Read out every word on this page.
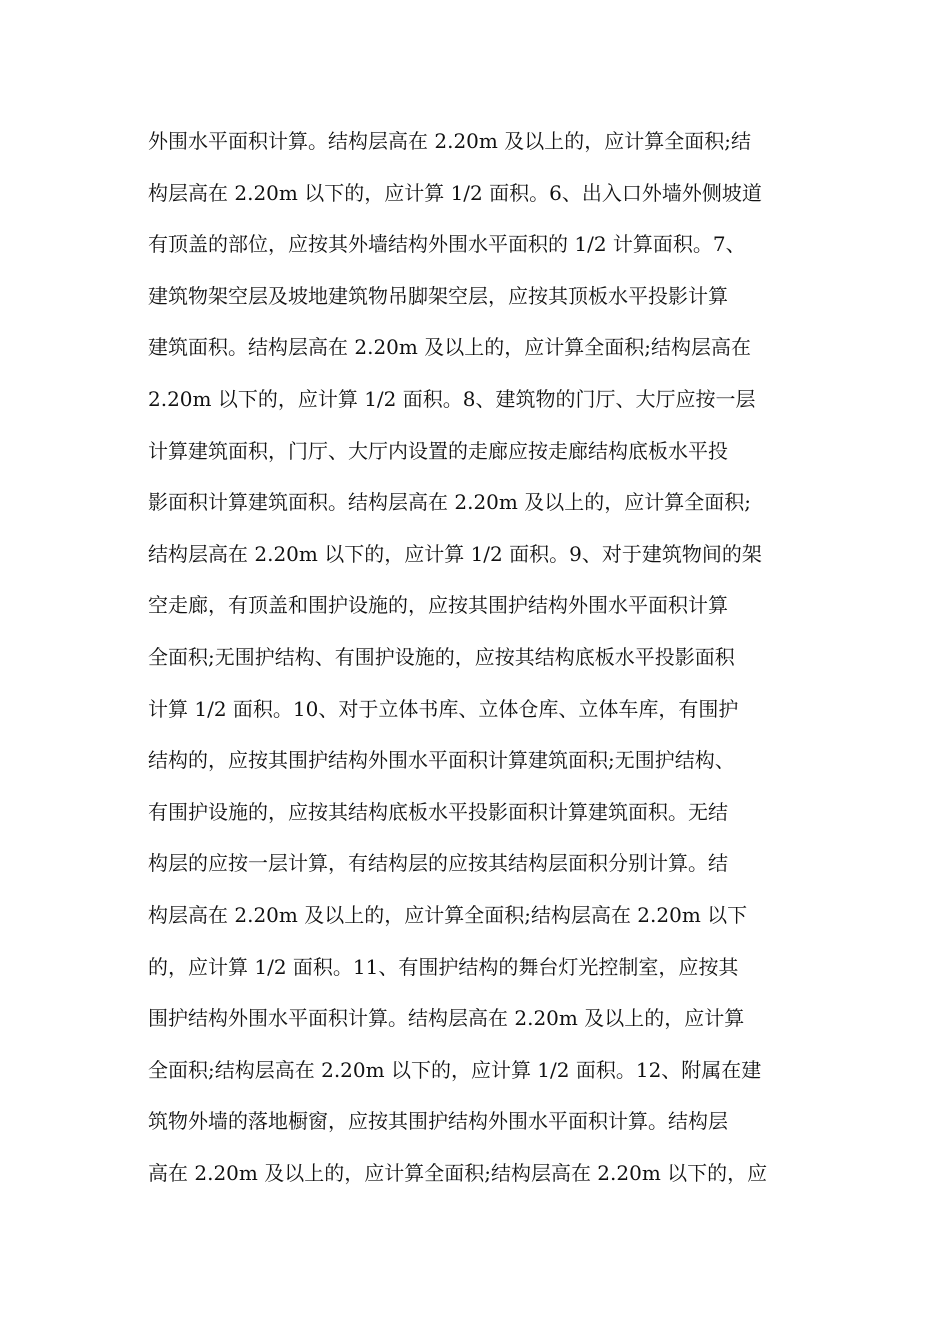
外围水平面积计算。结构层高在 2.20m 及以上的，应计算全面积;结
构层高在 2.20m 以下的，应计算 1/2 面积。6、出入口外墙外侧坡道
有顶盖的部位，应按其外墙结构外围水平面积的 1/2 计算面积。7、
建筑物架空层及坡地建筑物吊脚架空层，应按其顶板水平投影计算
建筑面积。结构层高在 2.20m 及以上的，应计算全面积;结构层高在
2.20m 以下的，应计算 1/2 面积。8、建筑物的门厅、大厅应按一层
计算建筑面积，门厅、大厅内设置的走廊应按走廊结构底板水平投
影面积计算建筑面积。结构层高在 2.20m 及以上的，应计算全面积;
结构层高在 2.20m 以下的，应计算 1/2 面积。9、对于建筑物间的架
空走廊，有顶盖和围护设施的，应按其围护结构外围水平面积计算
全面积;无围护结构、有围护设施的，应按其结构底板水平投影面积
计算 1/2 面积。10、对于立体书库、立体仓库、立体车库，有围护
结构的，应按其围护结构外围水平面积计算建筑面积;无围护结构、
有围护设施的，应按其结构底板水平投影面积计算建筑面积。无结
构层的应按一层计算，有结构层的应按其结构层面积分别计算。结
构层高在 2.20m 及以上的，应计算全面积;结构层高在 2.20m 以下
的，应计算 1/2 面积。11、有围护结构的舞台灯光控制室，应按其
围护结构外围水平面积计算。结构层高在 2.20m 及以上的，应计算
全面积;结构层高在 2.20m 以下的，应计算 1/2 面积。12、附属在建
筑物外墙的落地橱窗，应按其围护结构外围水平面积计算。结构层
高在 2.20m 及以上的，应计算全面积;结构层高在 2.20m 以下的，应
